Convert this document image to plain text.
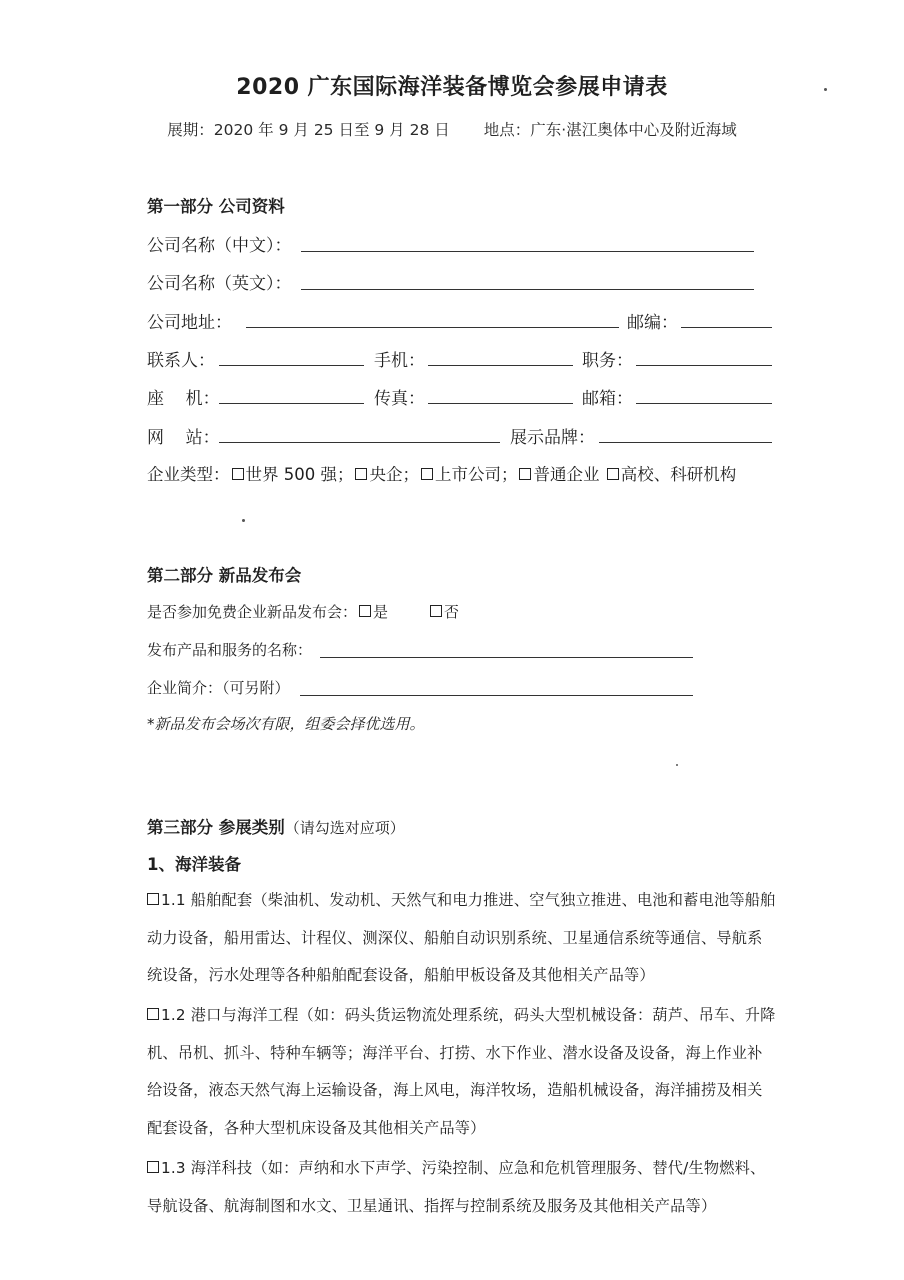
2020 广东国际海洋装备博览会参展申请表
展期：2020 年 9 月 25 日至 9 月 28 日 地点：广东·湛江奥体中心及附近海域
第一部分 公司资料
公司名称（中文）：
公司名称（英文）：
公司地址：	邮编：
联系人：	手机：	职务：
座    机：	传真：	邮箱：
网    站：	展示品牌：
企业类型： 世界 500 强； 央企； 上市公司； 普通企业 高校、科研机构
第二部分 新品发布会
是否参加免费企业新品发布会： 是	否
发布产品和服务的名称：
企业简介：（可另附）
*新品发布会场次有限，组委会择优选用。
第三部分 参展类别（请勾选对应项）
1、海洋装备
1.1 船舶配套（柴油机、发动机、天然气和电力推进、空气独立推进、电池和蓄电池等船舶动力设备，船用雷达、计程仪、测深仪、船舶自动识别系统、卫星通信系统等通信、导航系统设备，污水处理等各种船舶配套设备，船舶甲板设备及其他相关产品等）
1.2 港口与海洋工程（如：码头货运物流处理系统，码头大型机械设备：葫芦、吊车、升降机、吊机、抓斗、特种车辆等；海洋平台、打捞、水下作业、潜水设备及设备，海上作业补给设备，液态天然气海上运输设备，海上风电，海洋牧场，造船机械设备，海洋捕捞及相关配套设备，各种大型机床设备及其他相关产品等）
1.3 海洋科技（如：声纳和水下声学、污染控制、应急和危机管理服务、替代/生物燃料、导航设备、航海制图和水文、卫星通讯、指挥与控制系统及服务及其他相关产品等）
